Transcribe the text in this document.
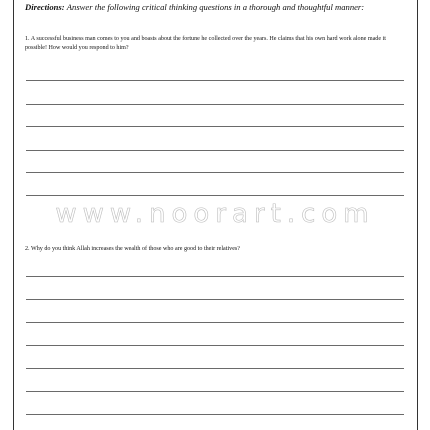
Directions: Answer the following critical thinking questions in a thorough and thoughtful manner:
1. A successful business man comes to you and boasts about the fortune he collected over the years. He claims that his own hard work alone made it possible! How would you respond to him?
www.noorart.com
2. Why do you think Allah increases the wealth of those who are good to their relatives?
